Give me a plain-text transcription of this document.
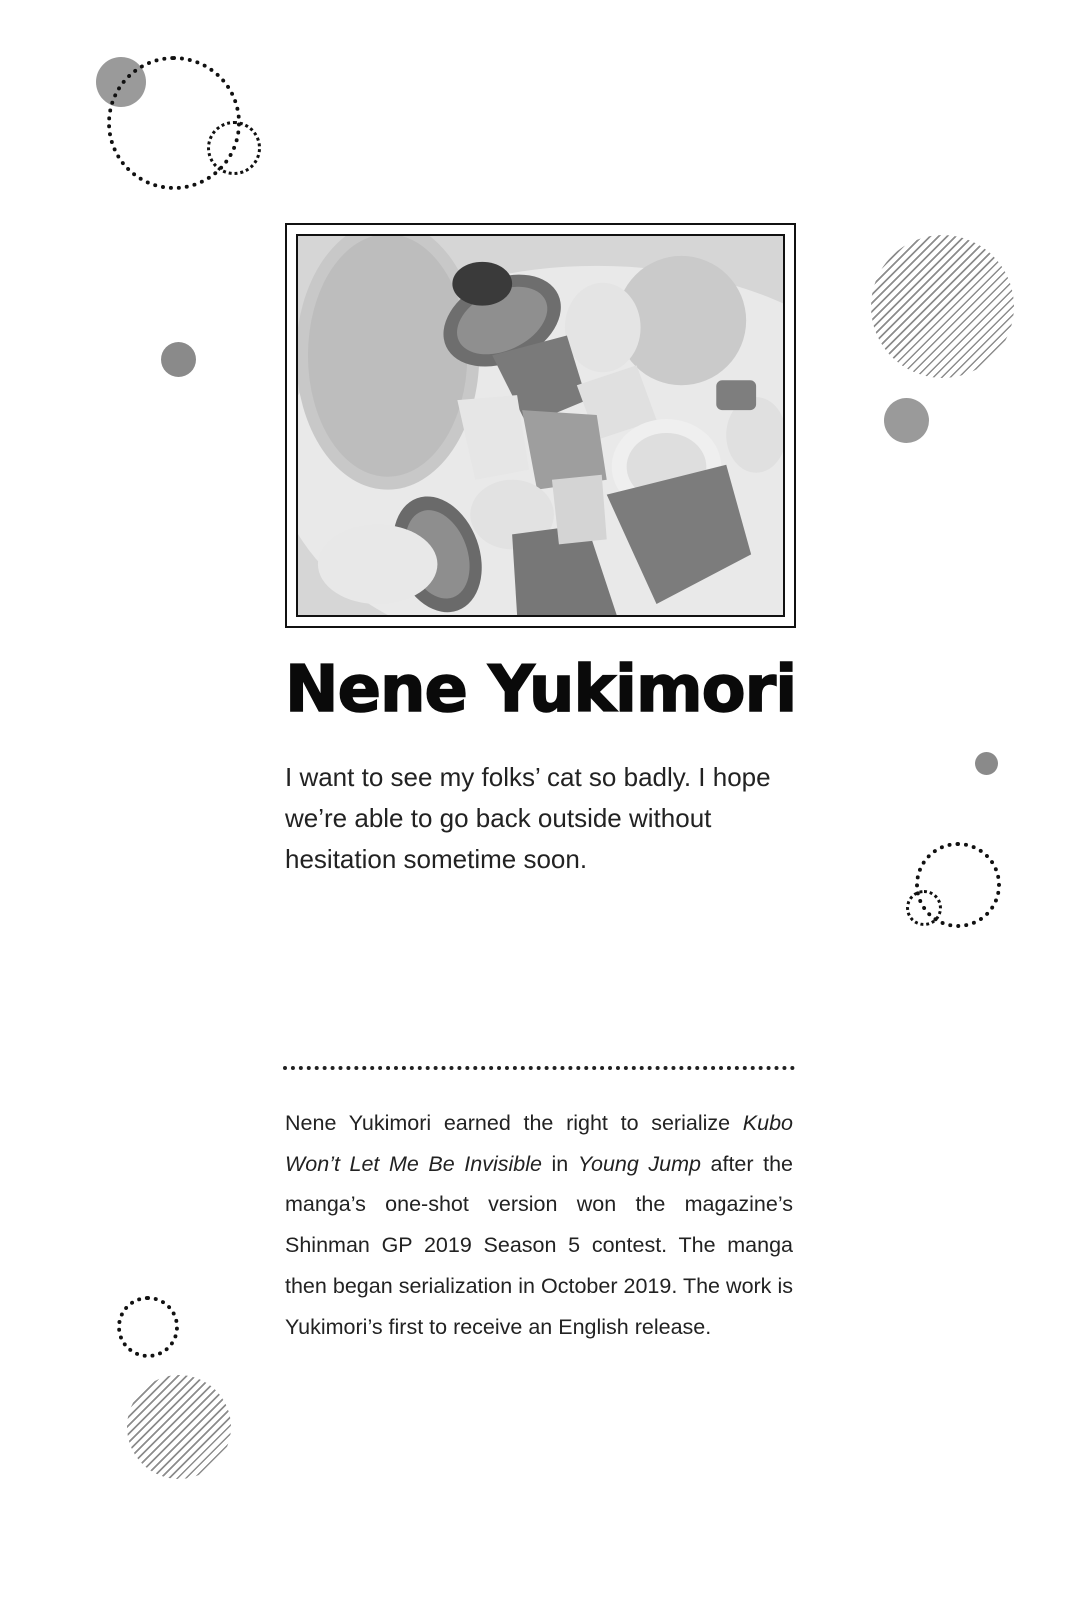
Nene Yukimori
I want to see my folks’ cat so badly. I hope we’re able to go back outside without hesitation sometime soon.
Nene Yukimori earned the right to serialize Kubo Won’t Let Me Be Invisible in Young Jump after the manga’s one-shot version won the magazine’s Shinman GP 2019 Season 5 contest. The manga then began serialization in October 2019. The work is Yukimori’s first to receive an English release.
